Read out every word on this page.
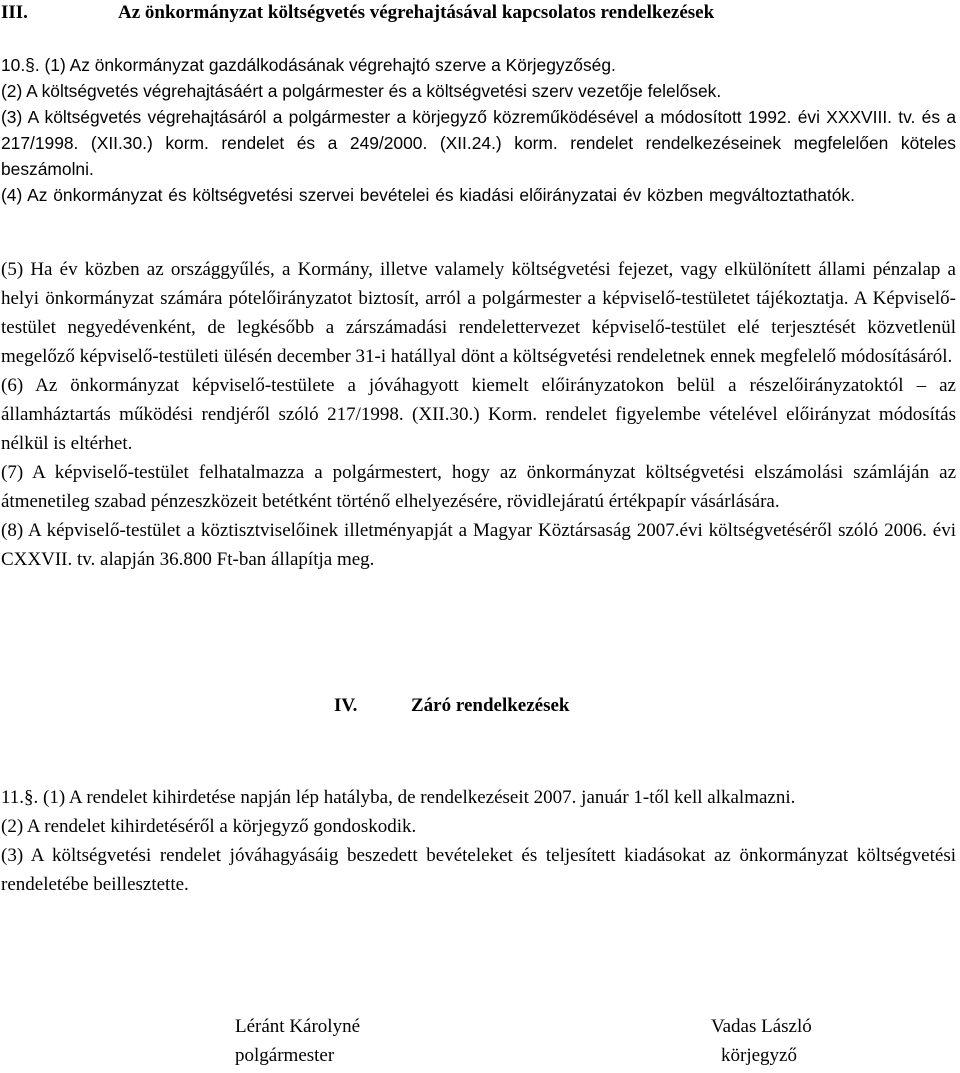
III.	Az önkormányzat költségvetés végrehajtásával kapcsolatos rendelkezések

10.§. (1) Az önkormányzat gazdálkodásának végrehajtó szerve a Körjegyzőség.

(2) A költségvetés végrehajtásáért a polgármester és a költségvetési szerv vezetője felelősek.

(3) A költségvetés végrehajtásáról a polgármester a körjegyző közreműködésével a módosított 1992. évi XXXVIII. tv. és a 217/1998. (XII.30.) korm. rendelet és a 249/2000. (XII.24.) korm. rendelet rendelkezéseinek megfelelően köteles beszámolni.

(4) Az önkormányzat és költségvetési szervei bevételei és kiadási előirányzatai év közben megváltoztathatók.

(5) Ha év közben az országgyűlés, a Kormány, illetve valamely költségvetési fejezet, vagy elkülönített állami pénzalap a helyi önkormányzat számára pótelőirányzatot biztosít, arról a polgármester a képviselő-testületet tájékoztatja. A Képviselő-testület negyedévenként, de legkésőbb a zárszámadási rendelettervezet képviselő-testület elé terjesztését közvetlenül megelőző képviselő-testületi ülésén december 31-i hatállyal dönt a költségvetési rendeletnek ennek megfelelő módosításáról.

(6) Az önkormányzat képviselő-testülete a jóváhagyott kiemelt előirányzatokon belül a részelőirányzatoktól – az államháztartás működési rendjéről szóló 217/1998. (XII.30.) Korm. rendelet figyelembe vételével előirányzat módosítás nélkül is eltérhet.

(7) A képviselő-testület felhatalmazza a polgármestert, hogy az önkormányzat költségvetési elszámolási számláján az átmenetileg szabad pénzeszközeit betétként történő elhelyezésére, rövidlejáratú értékpapír vásárlására.

(8) A képviselő-testület a köztisztviselőinek illetményapját a Magyar Köztársaság 2007.évi költségvetéséről szóló 2006. évi CXXVII. tv. alapján 36.800 Ft-ban állapítja meg.

IV.	Záró rendelkezések

11.§. (1) A rendelet kihirdetése napján lép hatályba, de rendelkezéseit 2007. január 1-től kell alkalmazni.

(2) A rendelet kihirdetéséről a körjegyző gondoskodik.

(3) A költségvetési rendelet jóváhagyásáig beszedett bevételeket és teljesített kiadásokat az önkormányzat költségvetési rendeletébe beillesztette.

Léránt Károlyné
polgármester
Vadas László
körjegyző
